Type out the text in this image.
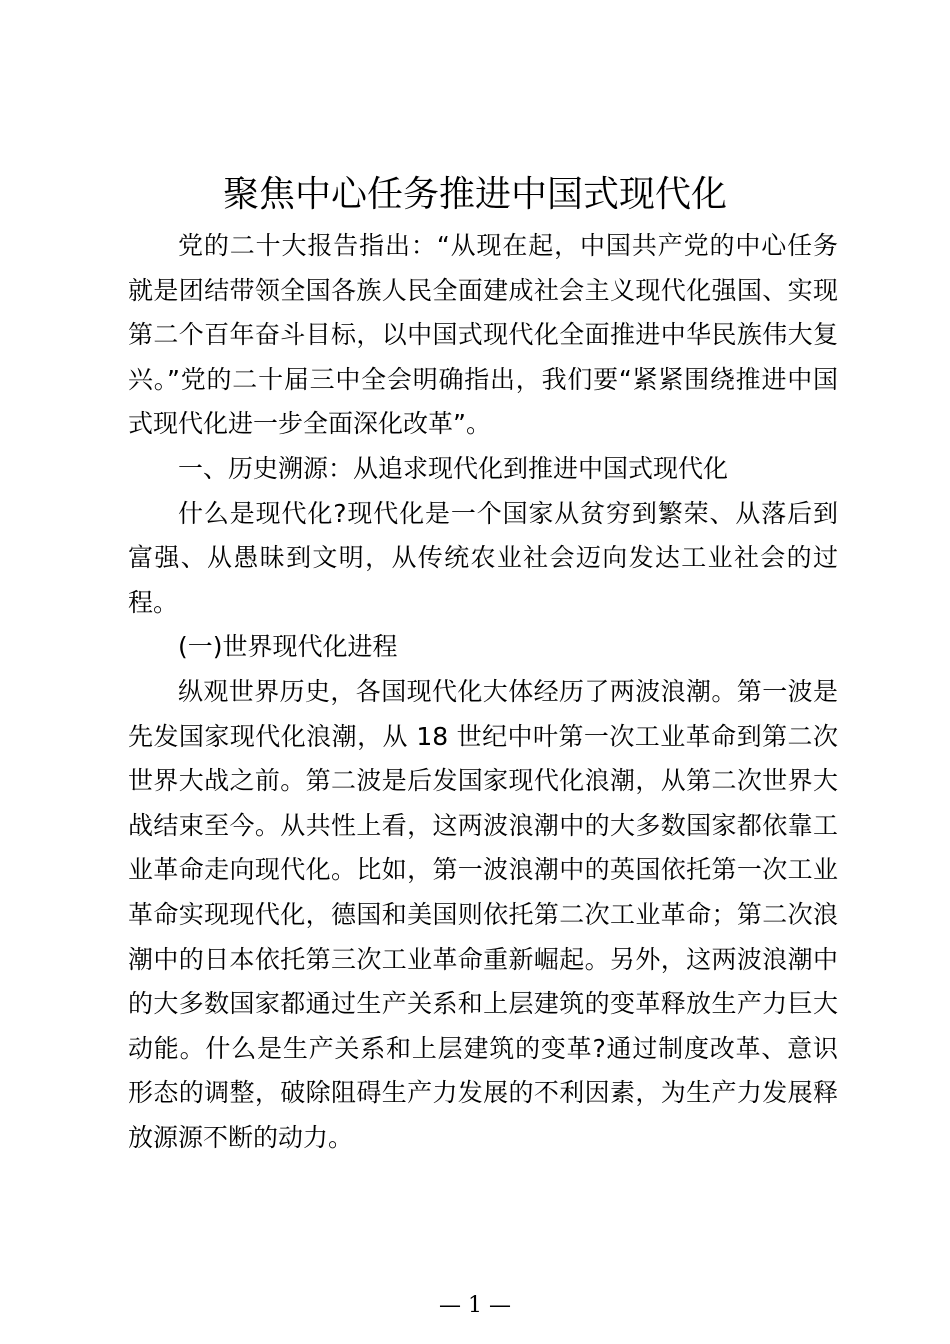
聚焦中心任务推进中国式现代化

党的二十大报告指出：“从现在起，中国共产党的中心任务就是团结带领全国各族人民全面建成社会主义现代化强国、实现第二个百年奋斗目标，以中国式现代化全面推进中华民族伟大复兴。”党的二十届三中全会明确指出，我们要“紧紧围绕推进中国式现代化进一步全面深化改革”。

一、历史溯源：从追求现代化到推进中国式现代化

什么是现代化?现代化是一个国家从贫穷到繁荣、从落后到富强、从愚昧到文明，从传统农业社会迈向发达工业社会的过程。

(一)世界现代化进程

纵观世界历史，各国现代化大体经历了两波浪潮。第一波是先发国家现代化浪潮，从 18 世纪中叶第一次工业革命到第二次世界大战之前。第二波是后发国家现代化浪潮，从第二次世界大战结束至今。从共性上看，这两波浪潮中的大多数国家都依靠工业革命走向现代化。比如，第一波浪潮中的英国依托第一次工业革命实现现代化，德国和美国则依托第二次工业革命；第二次浪潮中的日本依托第三次工业革命重新崛起。另外，这两波浪潮中的大多数国家都通过生产关系和上层建筑的变革释放生产力巨大动能。什么是生产关系和上层建筑的变革?通过制度改革、意识形态的调整，破除阻碍生产力发展的不利因素，为生产力发展释放源源不断的动力。

— 1 —
